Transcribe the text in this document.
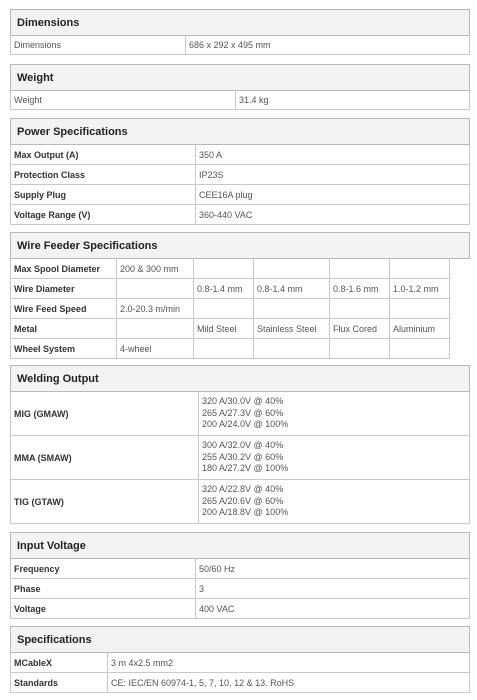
Dimensions
Dimensions	686 x 292 x 495 mm
Weight
Weight	31.4 kg
Power Specifications	
Max Output (A)	350 A
Protection Class	IP23S
Supply Plug	CEE16A plug
Voltage Range (V)	360-440 VAC
Wire Feeder Specifications						
Max Spool Diameter	200 & 300 mm					
Wire Diameter		0.8-1.4 mm	0.8-1.4 mm	0.8-1.6 mm	1.0-1.2 mm	
Wire Feed Speed	2.0-20.3 m/min					
Metal		Mild Steel	Stainless Steel	Flux Cored	Aluminium	
Wheel System	4-wheel					
Welding Output	
MIG (GMAW)	320 A/30.0V @ 40%
265 A/27.3V @ 60%
200 A/24.0V @ 100%

MMA (SMAW)	300 A/32.0V @ 40%
255 A/30.2V @ 60%
180 A/27.2V @ 100%

TIG (GTAW)	320 A/22.8V @ 40%
265 A/20.6V @ 60%
200 A/18.8V @ 100%
Input Voltage	
Frequency	50/60 Hz
Phase	3
Voltage	400 VAC
Specifications	
MCableX	3 m 4x2.5 mm2
Standards	CE: IEC/EN 60974-1, 5, 7, 10, 12 & 13. RoHS
